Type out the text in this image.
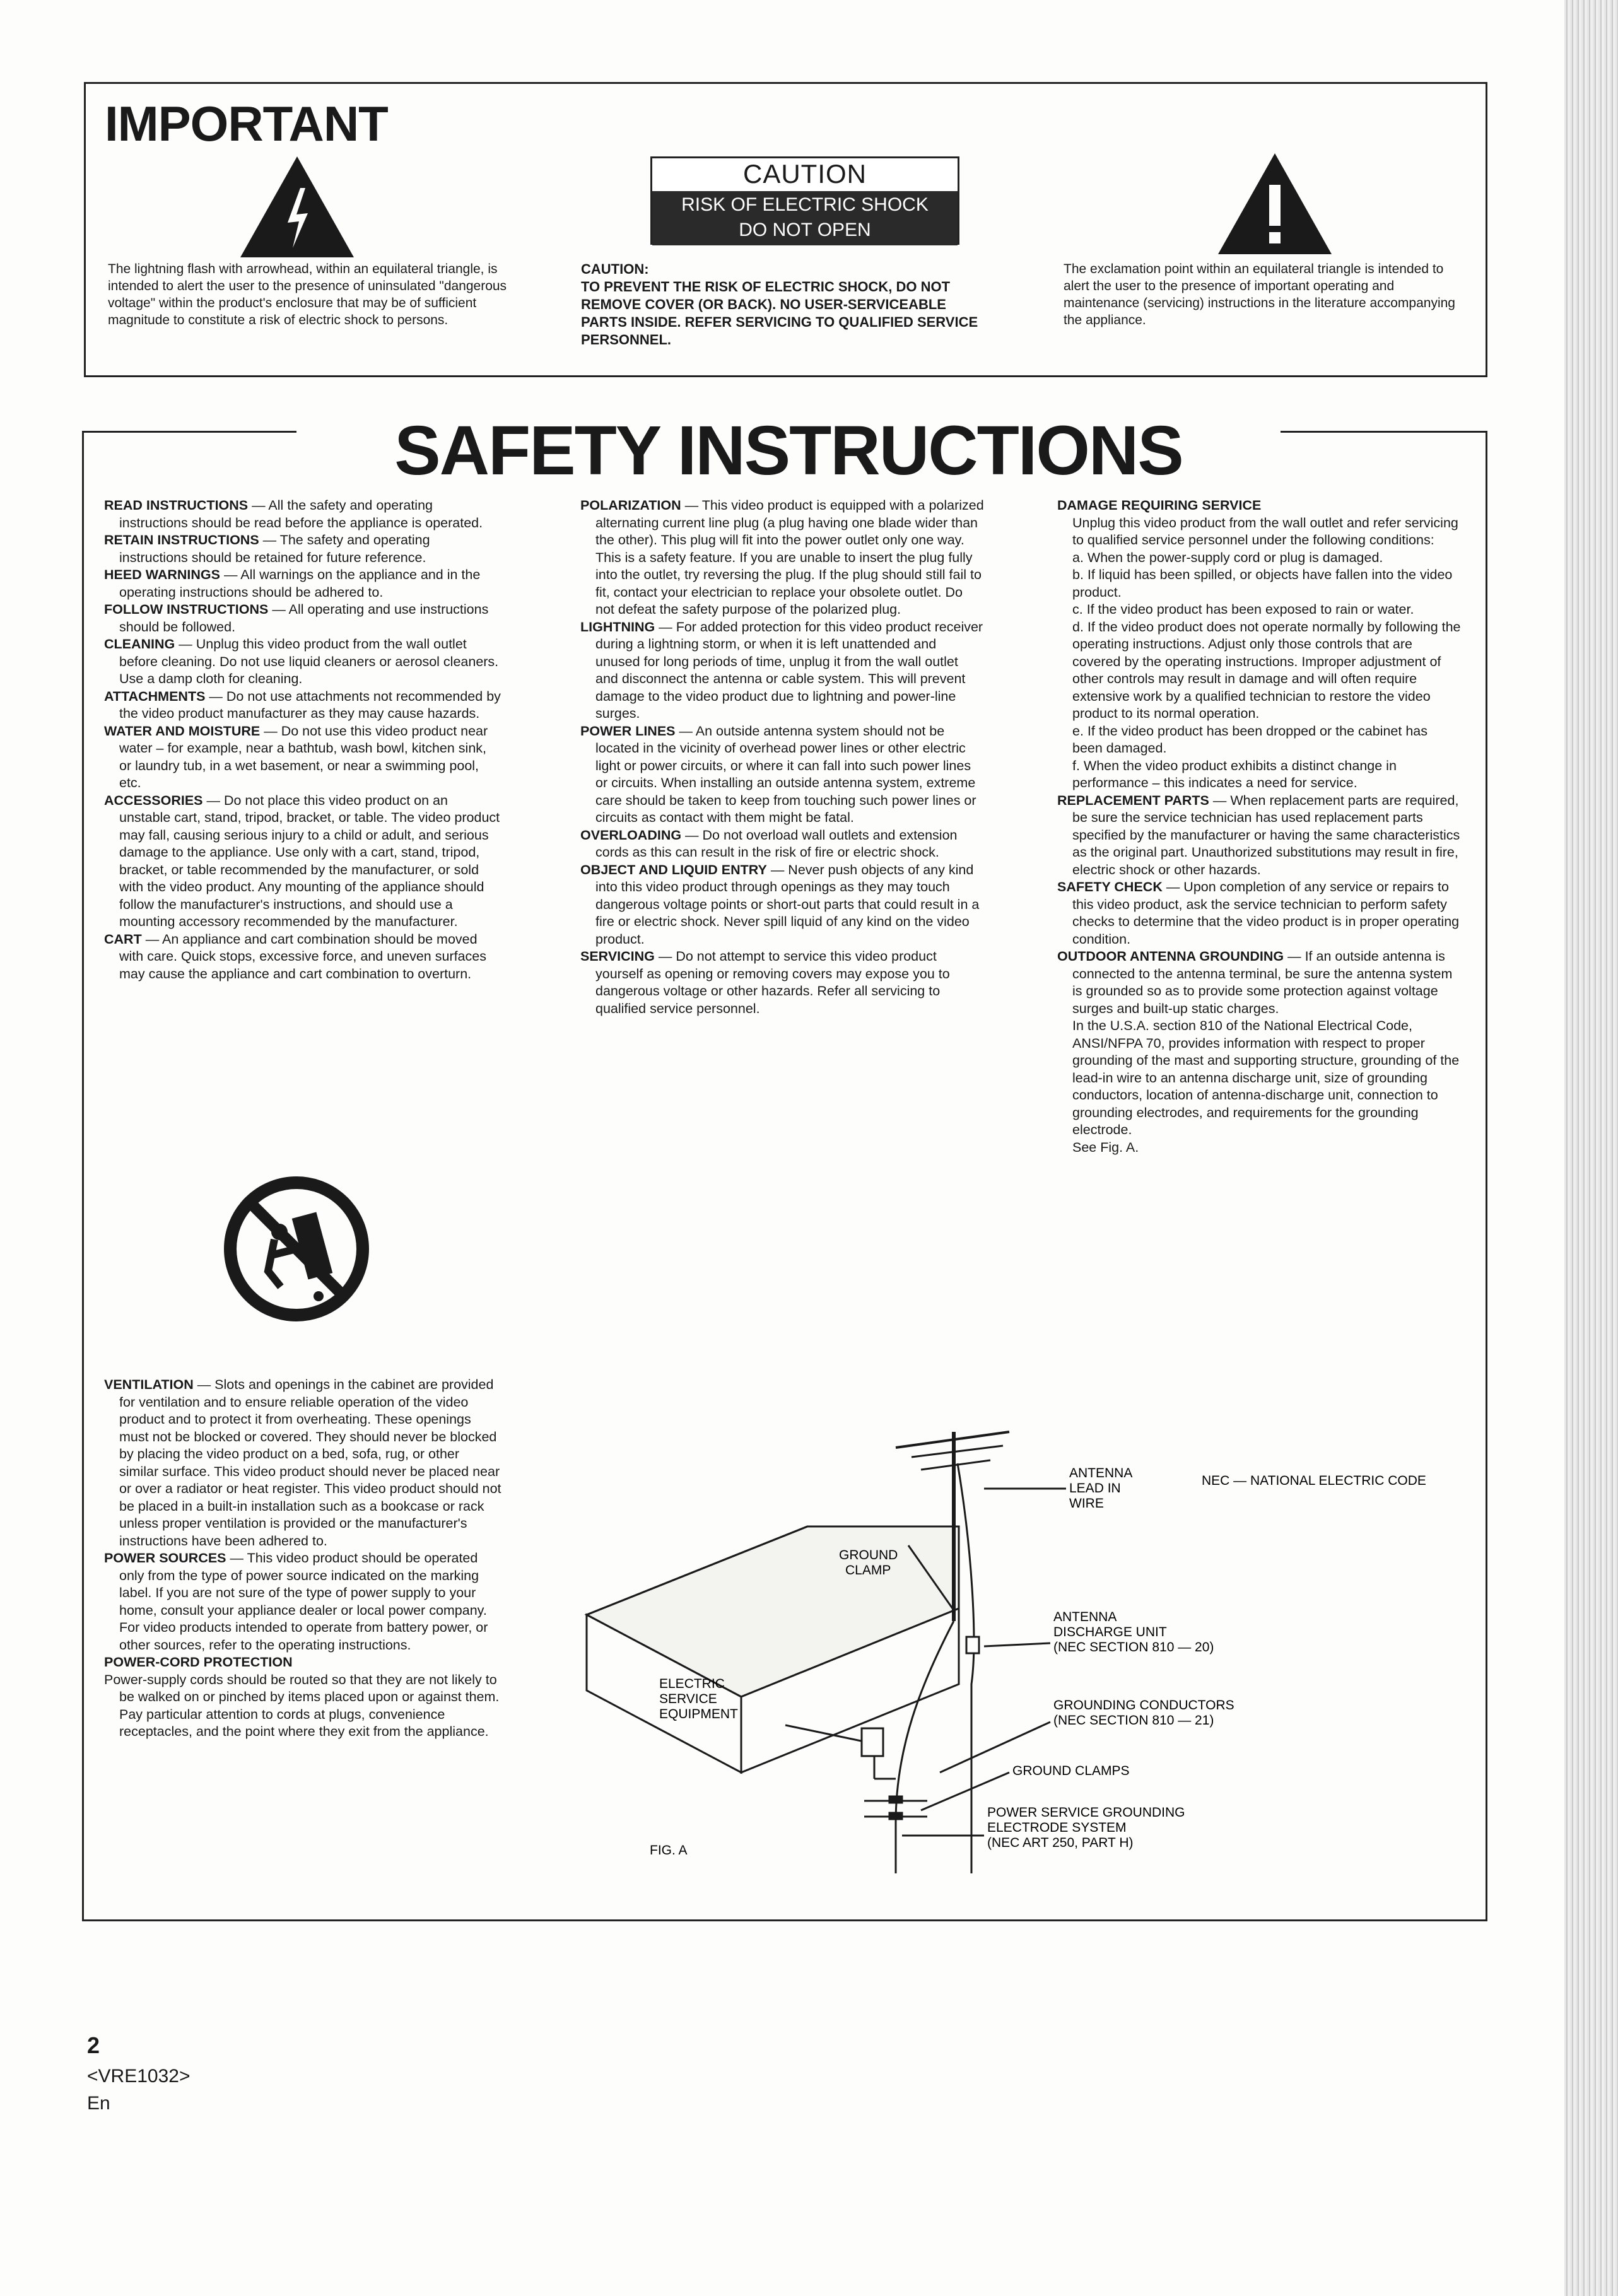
IMPORTANT
CAUTION
RISK OF ELECTRIC SHOCK
DO NOT OPEN
The lightning flash with arrowhead, within an equilateral triangle, is intended to alert the user to the presence of uninsulated "dangerous voltage" within the product's enclosure that may be of sufficient magnitude to constitute a risk of electric shock to persons.
CAUTION:
TO PREVENT THE RISK OF ELECTRIC SHOCK, DO NOT REMOVE COVER (OR BACK). NO USER-SERVICEABLE PARTS INSIDE. REFER SERVICING TO QUALIFIED SERVICE PERSONNEL.
The exclamation point within an equilateral triangle is intended to alert the user to the presence of important operating and maintenance (servicing) instructions in the literature accompanying the appliance.
SAFETY INSTRUCTIONS

READ INSTRUCTIONS — All the safety and operating instructions should be read before the appliance is operated.

RETAIN INSTRUCTIONS — The safety and operating instructions should be retained for future reference.

HEED WARNINGS — All warnings on the appliance and in the operating instructions should be adhered to.

FOLLOW INSTRUCTIONS — All operating and use instructions should be followed.

CLEANING — Unplug this video product from the wall outlet before cleaning. Do not use liquid cleaners or aerosol cleaners. Use a damp cloth for cleaning.

ATTACHMENTS — Do not use attachments not recommended by the video product manufacturer as they may cause hazards.

WATER AND MOISTURE — Do not use this video product near water – for example, near a bathtub, wash bowl, kitchen sink, or laundry tub, in a wet basement, or near a swimming pool, etc.

ACCESSORIES — Do not place this video product on an unstable cart, stand, tripod, bracket, or table. The video product may fall, causing serious injury to a child or adult, and serious damage to the appliance. Use only with a cart, stand, tripod, bracket, or table recommended by the manufacturer, or sold with the video product. Any mounting of the appliance should follow the manufacturer's instructions, and should use a mounting accessory recommended by the manufacturer.

CART — An appliance and cart combination should be moved with care. Quick stops, excessive force, and uneven surfaces may cause the appliance and cart combination to overturn.

VENTILATION — Slots and openings in the cabinet are provided for ventilation and to ensure reliable operation of the video product and to protect it from overheating. These openings must not be blocked or covered. They should never be blocked by placing the video product on a bed, sofa, rug, or other similar surface. This video product should never be placed near or over a radiator or heat register. This video product should not be placed in a built-in installation such as a bookcase or rack unless proper ventilation is provided or the manufacturer's instructions have been adhered to.

POWER SOURCES — This video product should be operated only from the type of power source indicated on the marking label. If you are not sure of the type of power supply to your home, consult your appliance dealer or local power company. For video products intended to operate from battery power, or other sources, refer to the operating instructions.

POWER-CORD PROTECTION

Power-supply cords should be routed so that they are not likely to be walked on or pinched by items placed upon or against them. Pay particular attention to cords at plugs, convenience receptacles, and the point where they exit from the appliance.

POLARIZATION — This video product is equipped with a polarized alternating current line plug (a plug having one blade wider than the other). This plug will fit into the power outlet only one way. This is a safety feature. If you are unable to insert the plug fully into the outlet, try reversing the plug. If the plug should still fail to fit, contact your electrician to replace your obsolete outlet. Do not defeat the safety purpose of the polarized plug.

LIGHTNING — For added protection for this video product receiver during a lightning storm, or when it is left unattended and unused for long periods of time, unplug it from the wall outlet and disconnect the antenna or cable system. This will prevent damage to the video product due to lightning and power-line surges.

POWER LINES — An outside antenna system should not be located in the vicinity of overhead power lines or other electric light or power circuits, or where it can fall into such power lines or circuits. When installing an outside antenna system, extreme care should be taken to keep from touching such power lines or circuits as contact with them might be fatal.

OVERLOADING — Do not overload wall outlets and extension cords as this can result in the risk of fire or electric shock.

OBJECT AND LIQUID ENTRY — Never push objects of any kind into this video product through openings as they may touch dangerous voltage points or short-out parts that could result in a fire or electric shock. Never spill liquid of any kind on the video product.

SERVICING — Do not attempt to service this video product yourself as opening or removing covers may expose you to dangerous voltage or other hazards. Refer all servicing to qualified service personnel.

DAMAGE REQUIRING SERVICE

Unplug this video product from the wall outlet and refer servicing to qualified service personnel under the following conditions:

a. When the power-supply cord or plug is damaged.

b. If liquid has been spilled, or objects have fallen into the video product.

c. If the video product has been exposed to rain or water.

d. If the video product does not operate normally by following the operating instructions. Adjust only those controls that are covered by the operating instructions. Improper adjustment of other controls may result in damage and will often require extensive work by a qualified technician to restore the video product to its normal operation.

e. If the video product has been dropped or the cabinet has been damaged.

f. When the video product exhibits a distinct change in performance – this indicates a need for service.

REPLACEMENT PARTS — When replacement parts are required, be sure the service technician has used replacement parts specified by the manufacturer or having the same characteristics as the original part. Unauthorized substitutions may result in fire, electric shock or other hazards.

SAFETY CHECK — Upon completion of any service or repairs to this video product, ask the service technician to perform safety checks to determine that the video product is in proper operating condition.

OUTDOOR ANTENNA GROUNDING — If an outside antenna is connected to the antenna terminal, be sure the antenna system is grounded so as to provide some protection against voltage surges and built-up static charges.

In the U.S.A. section 810 of the National Electrical Code, ANSI/NFPA 70, provides information with respect to proper grounding of the mast and supporting structure, grounding of the lead-in wire to an antenna discharge unit, size of grounding conductors, location of antenna-discharge unit, connection to grounding electrodes, and requirements for the grounding electrode.

See Fig. A.

ANTENNA
LEAD IN
WIRE
NEC — NATIONAL ELECTRIC CODE
GROUND
CLAMP
ANTENNA
DISCHARGE UNIT
(NEC SECTION 810 — 20)
ELECTRIC
SERVICE
EQUIPMENT
GROUNDING CONDUCTORS
(NEC SECTION 810 — 21)
GROUND CLAMPS
POWER SERVICE GROUNDING
ELECTRODE SYSTEM
(NEC ART 250, PART H)
FIG. A
2
<VRE1032>
En
